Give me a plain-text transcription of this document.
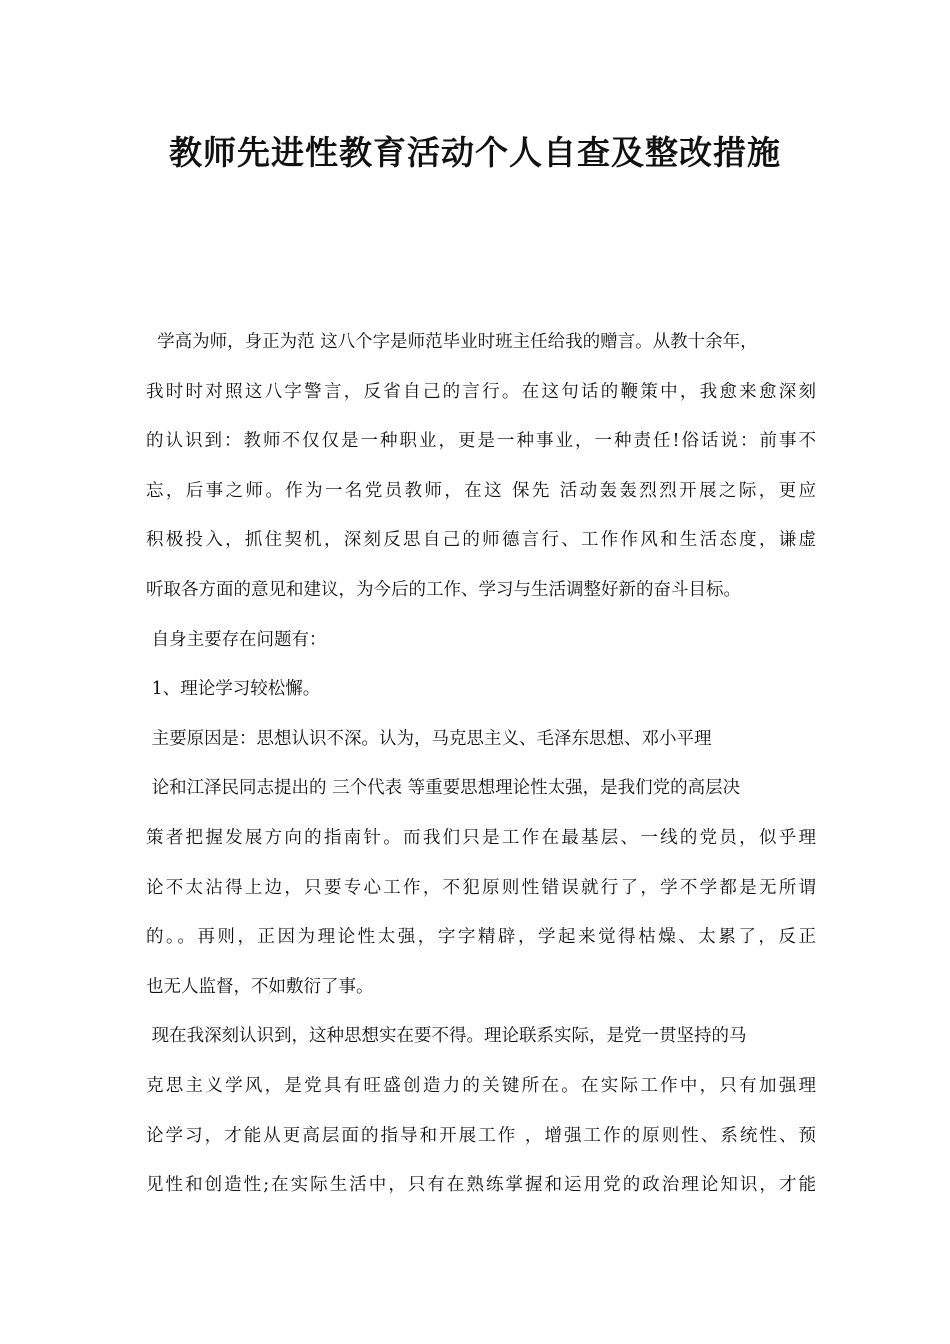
教师先进性教育活动个人自查及整改措施
学高为师，身正为范 这八个字是师范毕业时班主任给我的赠言。从教十余年，
我时时对照这八字警言，反省自己的言行。在这句话的鞭策中，我愈来愈深刻
的认识到：教师不仅仅是一种职业，更是一种事业，一种责任!俗话说：前事不
忘，后事之师。作为一名党员教师，在这 保先 活动轰轰烈烈开展之际，更应
积极投入，抓住契机，深刻反思自己的师德言行、工作作风和生活态度，谦虚
听取各方面的意见和建议，为今后的工作、学习与生活调整好新的奋斗目标。
自身主要存在问题有：
1、理论学习较松懈。
主要原因是：思想认识不深。认为，马克思主义、毛泽东思想、邓小平理
论和江泽民同志提出的 三个代表 等重要思想理论性太强，是我们党的高层决
策者把握发展方向的指南针。而我们只是工作在最基层、一线的党员，似乎理
论不太沾得上边，只要专心工作，不犯原则性错误就行了，学不学都是无所谓
的。。再则，正因为理论性太强，字字精辟，学起来觉得枯燥、太累了，反正
也无人监督，不如敷衍了事。
现在我深刻认识到，这种思想实在要不得。理论联系实际，是党一贯坚持的马
克思主义学风，是党具有旺盛创造力的关键所在。在实际工作中，只有加强理
论学习，才能从更高层面的指导和开展工作 ，增强工作的原则性、系统性、预
见性和创造性;在实际生活中，只有在熟练掌握和运用党的政治理论知识，才能
